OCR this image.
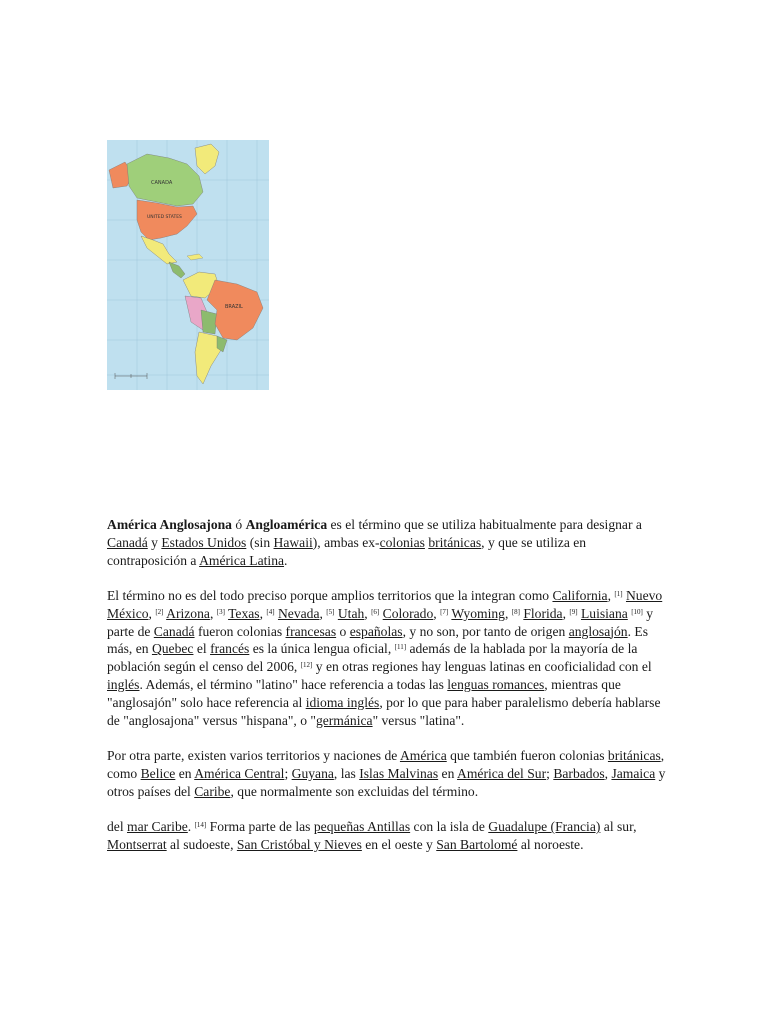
CANADA
UNITED STATES
BRAZIL

América Anglosajona ó Angloamérica es el término que se utiliza habitualmente para designar a Canadá y Estados Unidos (sin Hawaii), ambas ex-colonias británicas, y que se utiliza en contraposición a América Latina.

El término no es del todo preciso porque amplios territorios que la integran como California, [1] Nuevo México, [2] Arizona, [3] Texas, [4] Nevada, [5] Utah, [6] Colorado, [7] Wyoming, [8] Florida, [9] Luisiana [10] y parte de Canadá fueron colonias francesas o españolas, y no son, por tanto de origen anglosajón. Es más, en Quebec el francés es la única lengua oficial, [11] además de la hablada por la mayoría de la población según el censo del 2006, [12] y en otras regiones hay lenguas latinas en cooficialidad con el inglés. Además, el término "latino" hace referencia a todas las lenguas romances, mientras que "anglosajón" solo hace referencia al idioma inglés, por lo que para haber paralelismo debería hablarse de "anglosajona" versus "hispana", o "germánica" versus "latina".

Por otra parte, existen varios territorios y naciones de América que también fueron colonias británicas, como Belice en América Central; Guyana, las Islas Malvinas en América del Sur; Barbados, Jamaica y otros países del Caribe, que normalmente son excluidas del término.

del mar Caribe. [14] Forma parte de las pequeñas Antillas con la isla de Guadalupe (Francia) al sur, Montserrat al sudoeste, San Cristóbal y Nieves en el oeste y San Bartolomé al noroeste.
